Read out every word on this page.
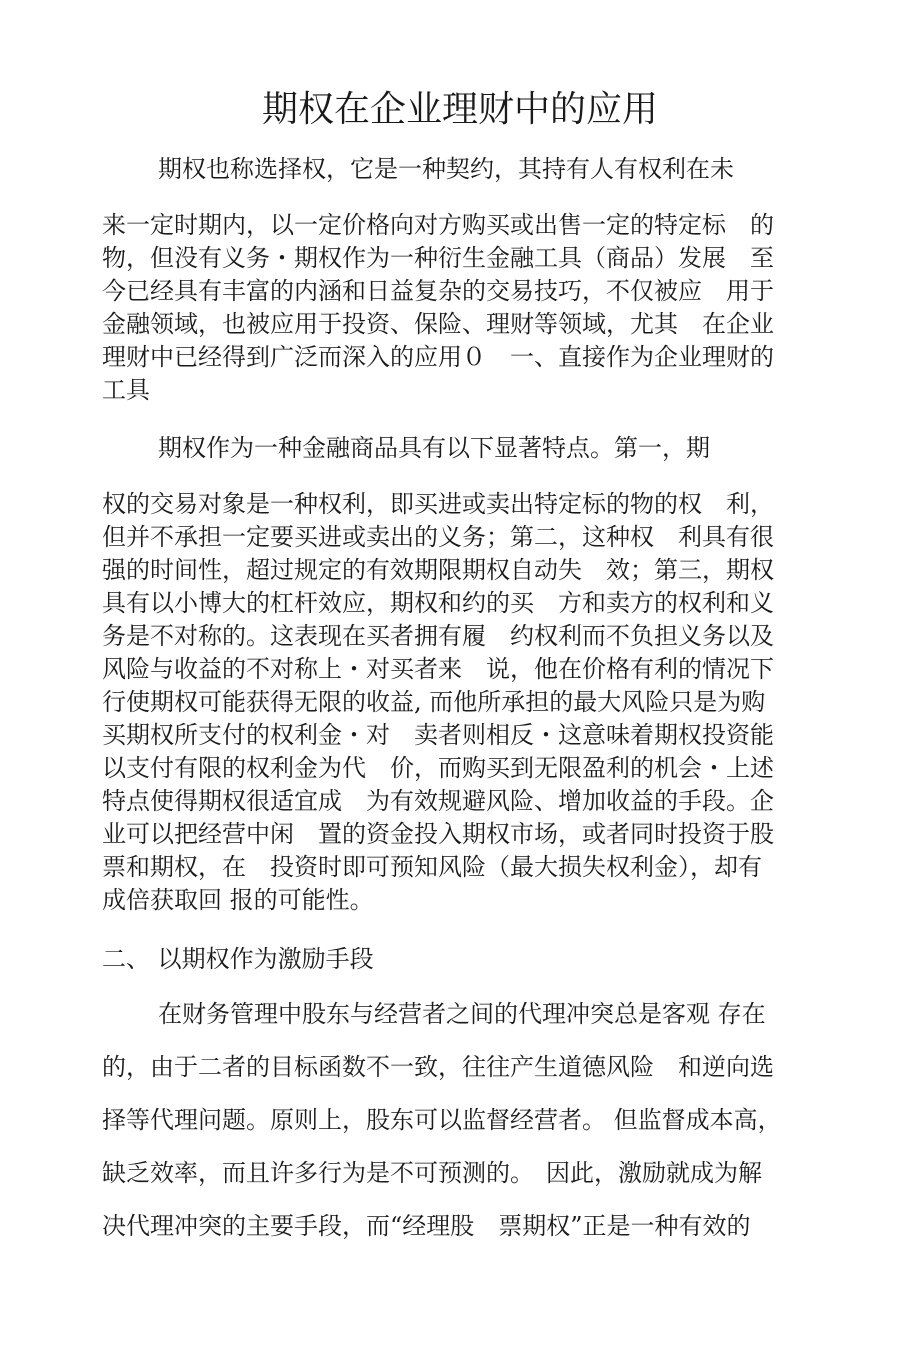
期权在企业理财中的应用
期权也称选择权，它是一种契约，其持有人有权利在未
来一定时期内，以一定价格向对方购买或出售一定的特定标　的
物，但没有义务・期权作为一种衍生金融工具（商品）发展　至
今已经具有丰富的内涵和日益复杂的交易技巧，不仅被应　用于
金融领域，也被应用于投资、保险、理财等领域，尤其　在企业
理财中已经得到广泛而深入的应用０　一、直接作为企业理财的
工具
期权作为一种金融商品具有以下显著特点。第一，期
权的交易对象是一种权利，即买进或卖出特定标的物的权　利，
但并不承担一定要买进或卖出的义务；第二，这种权　利具有很
强的时间性，超过规定的有效期限期权自动失　效；第三，期权
具有以小博大的杠杆效应，期权和约的买　方和卖方的权利和义
务是不对称的。这表现在买者拥有履　约权利而不负担义务以及
风险与收益的不对称上・对买者来　说，他在价格有利的情况下
行使期权可能获得无限的收益, 而他所承担的最大风险只是为购
买期权所支付的权利金・对　卖者则相反・这意味着期权投资能
以支付有限的权利金为代　价，而购买到无限盈利的机会・上述
特点使得期权很适宜成　为有效规避风险、增加收益的手段。企
业可以把经营中闲　置的资金投入期权市场，或者同时投资于股
票和期权，在　投资时即可预知风险（最大损失权利金），却有
成倍获取回 报的可能性。
二、 以期权作为激励手段
在财务管理中股东与经营者之间的代理冲突总是客观 存在
的，由于二者的目标函数不一致，往往产生道德风险　和逆向选
择等代理问题。原则上，股东可以监督经营者。 但监督成本高，
缺乏效率，而且许多行为是不可预测的。　因此，激励就成为解
决代理冲突的主要手段，而“经理股　票期权”正是一种有效的
